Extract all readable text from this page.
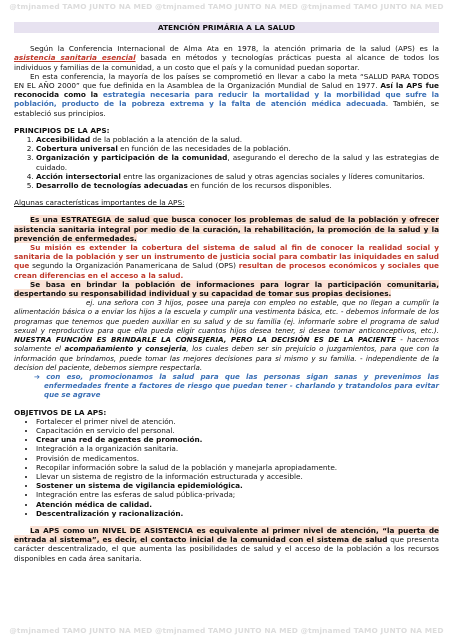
@tmjnamed TAMO JUNTO NA MED @tmjnamed TAMO JUNTO NA MED @tmjnamed TAMO JUNTO NA MED
ATENCIÓN PRIMÁRIA A LA SALUD

Según la Conferencia Internacional de Alma Ata en 1978, la atención primaria de la salud (APS) es la asistencia sanitaria esencial basada en métodos y tecnologías prácticas puesta al alcance de todos los individuos y familias de la comunidad, a un costo que el país y la comunidad puedan soportar.

En esta conferencia, la mayoría de los países se comprometió en llevar a cabo la meta “SALUD PARA TODOS EN EL AÑO 2000” que fue definida en la Asamblea de la Organización Mundial de Salud en 1977. Así la APS fue reconocida como la estrategia necesaria para reducir la mortalidad y la morbilidad que sufre la población, producto de la pobreza extrema y la falta de atención médica adecuada. También, se estableció sus principios.

PRINCIPIOS DE LA APS:
1. Accesibilidad de la población a la atención de la salud.
2. Cobertura universal en función de las necesidades de la población.
3. Organización y participación de la comunidad, asegurando el derecho de la salud y las estrategias de cuidado.
4. Acción intersectorial entre las organizaciones de salud y otras agencias sociales y líderes comunitarios.
5. Desarrollo de tecnologías adecuadas en función de los recursos disponibles.
Algunas características importantes de la APS:

Es una ESTRATEGIA de salud que busca conocer los problemas de salud de la población y ofrecer asistencia sanitaria integral por medio de la curación, la rehabilitación, la promoción de la salud y la prevención de enfermedades.

Su misión es extender la cobertura del sistema de salud al fin de conocer la realidad social y sanitaria de la población y ser un instrumento de justicia social para combatir las iniquidades en salud que segundo la Organización Panamericana de Salud (OPS) resultan de procesos económicos y sociales que crean diferencias en el acceso a la salud.

Se basa en brindar la población de informaciones para lograr la participación comunitaria, despertando su responsabilidad individual y su capacidad de tomar sus propias decisiones.

ej. una señora con 3 hijos, posee una pareja con empleo no estable, que no llegan a cumplir la alimentación básica o a enviar los hijos a la escuela y cumplir una vestimenta básica, etc. - debemos informale de los programas que tenemos que pueden auxiliar en su salud y de su familia (ej. informarle sobre el programa de salud sexual y reproductiva para que ella pueda eligir cuantos hijos desea tener, si desea tomar anticonceptivos, etc.). NUESTRA FUNCIÓN ES BRINDARLE LA CONSEJERIA, PERO LA DECISIÓN ES DE LA PACIENTE - hacemos solamente el acompañamiento y consejeria, los cuales deben ser sin prejuicio o juzgamientos, para que con la información que brindamos, puede tomar las mejores decisiones para si mismo y su familia. - independiente de la decision del paciente, debemos siempre respectarla.

➔ con eso, promocionamos la salud para que las personas sigan sanas y prevenimos las enfermedades frente a factores de riesgo que puedan tener - charlando y tratandolos para evitar que se agrave

OBJETIVOS DE LA APS:
• Fortalecer el primer nivel de atención.
• Capacitación en servicio del personal.
• Crear una red de agentes de promoción.
• Integración a la organización sanitaria.
• Provisión de medicamentos.
• Recopilar información sobre la salud de la población y manejarla apropiadamente.
• Llevar un sistema de registro de la información estructurada y accesible.
• Sostener un sistema de vigilancia epidemiológica.
• Integración entre las esferas de salud pública-privada;
• Atención médica de calidad.
• Descentralización y racionalización.

La APS como un NIVEL DE ASISTENCIA es equivalente al primer nivel de atención, “la puerta de entrada al sistema”, es decir, el contacto inicial de la comunidad con el sistema de salud que presenta carácter descentralizado, el que aumenta las posibilidades de salud y el acceso de la población a los recursos disponibles en cada área sanitaria.

@tmjnamed TAMO JUNTO NA MED @tmjnamed TAMO JUNTO NA MED @tmjnamed TAMO JUNTO NA MED
